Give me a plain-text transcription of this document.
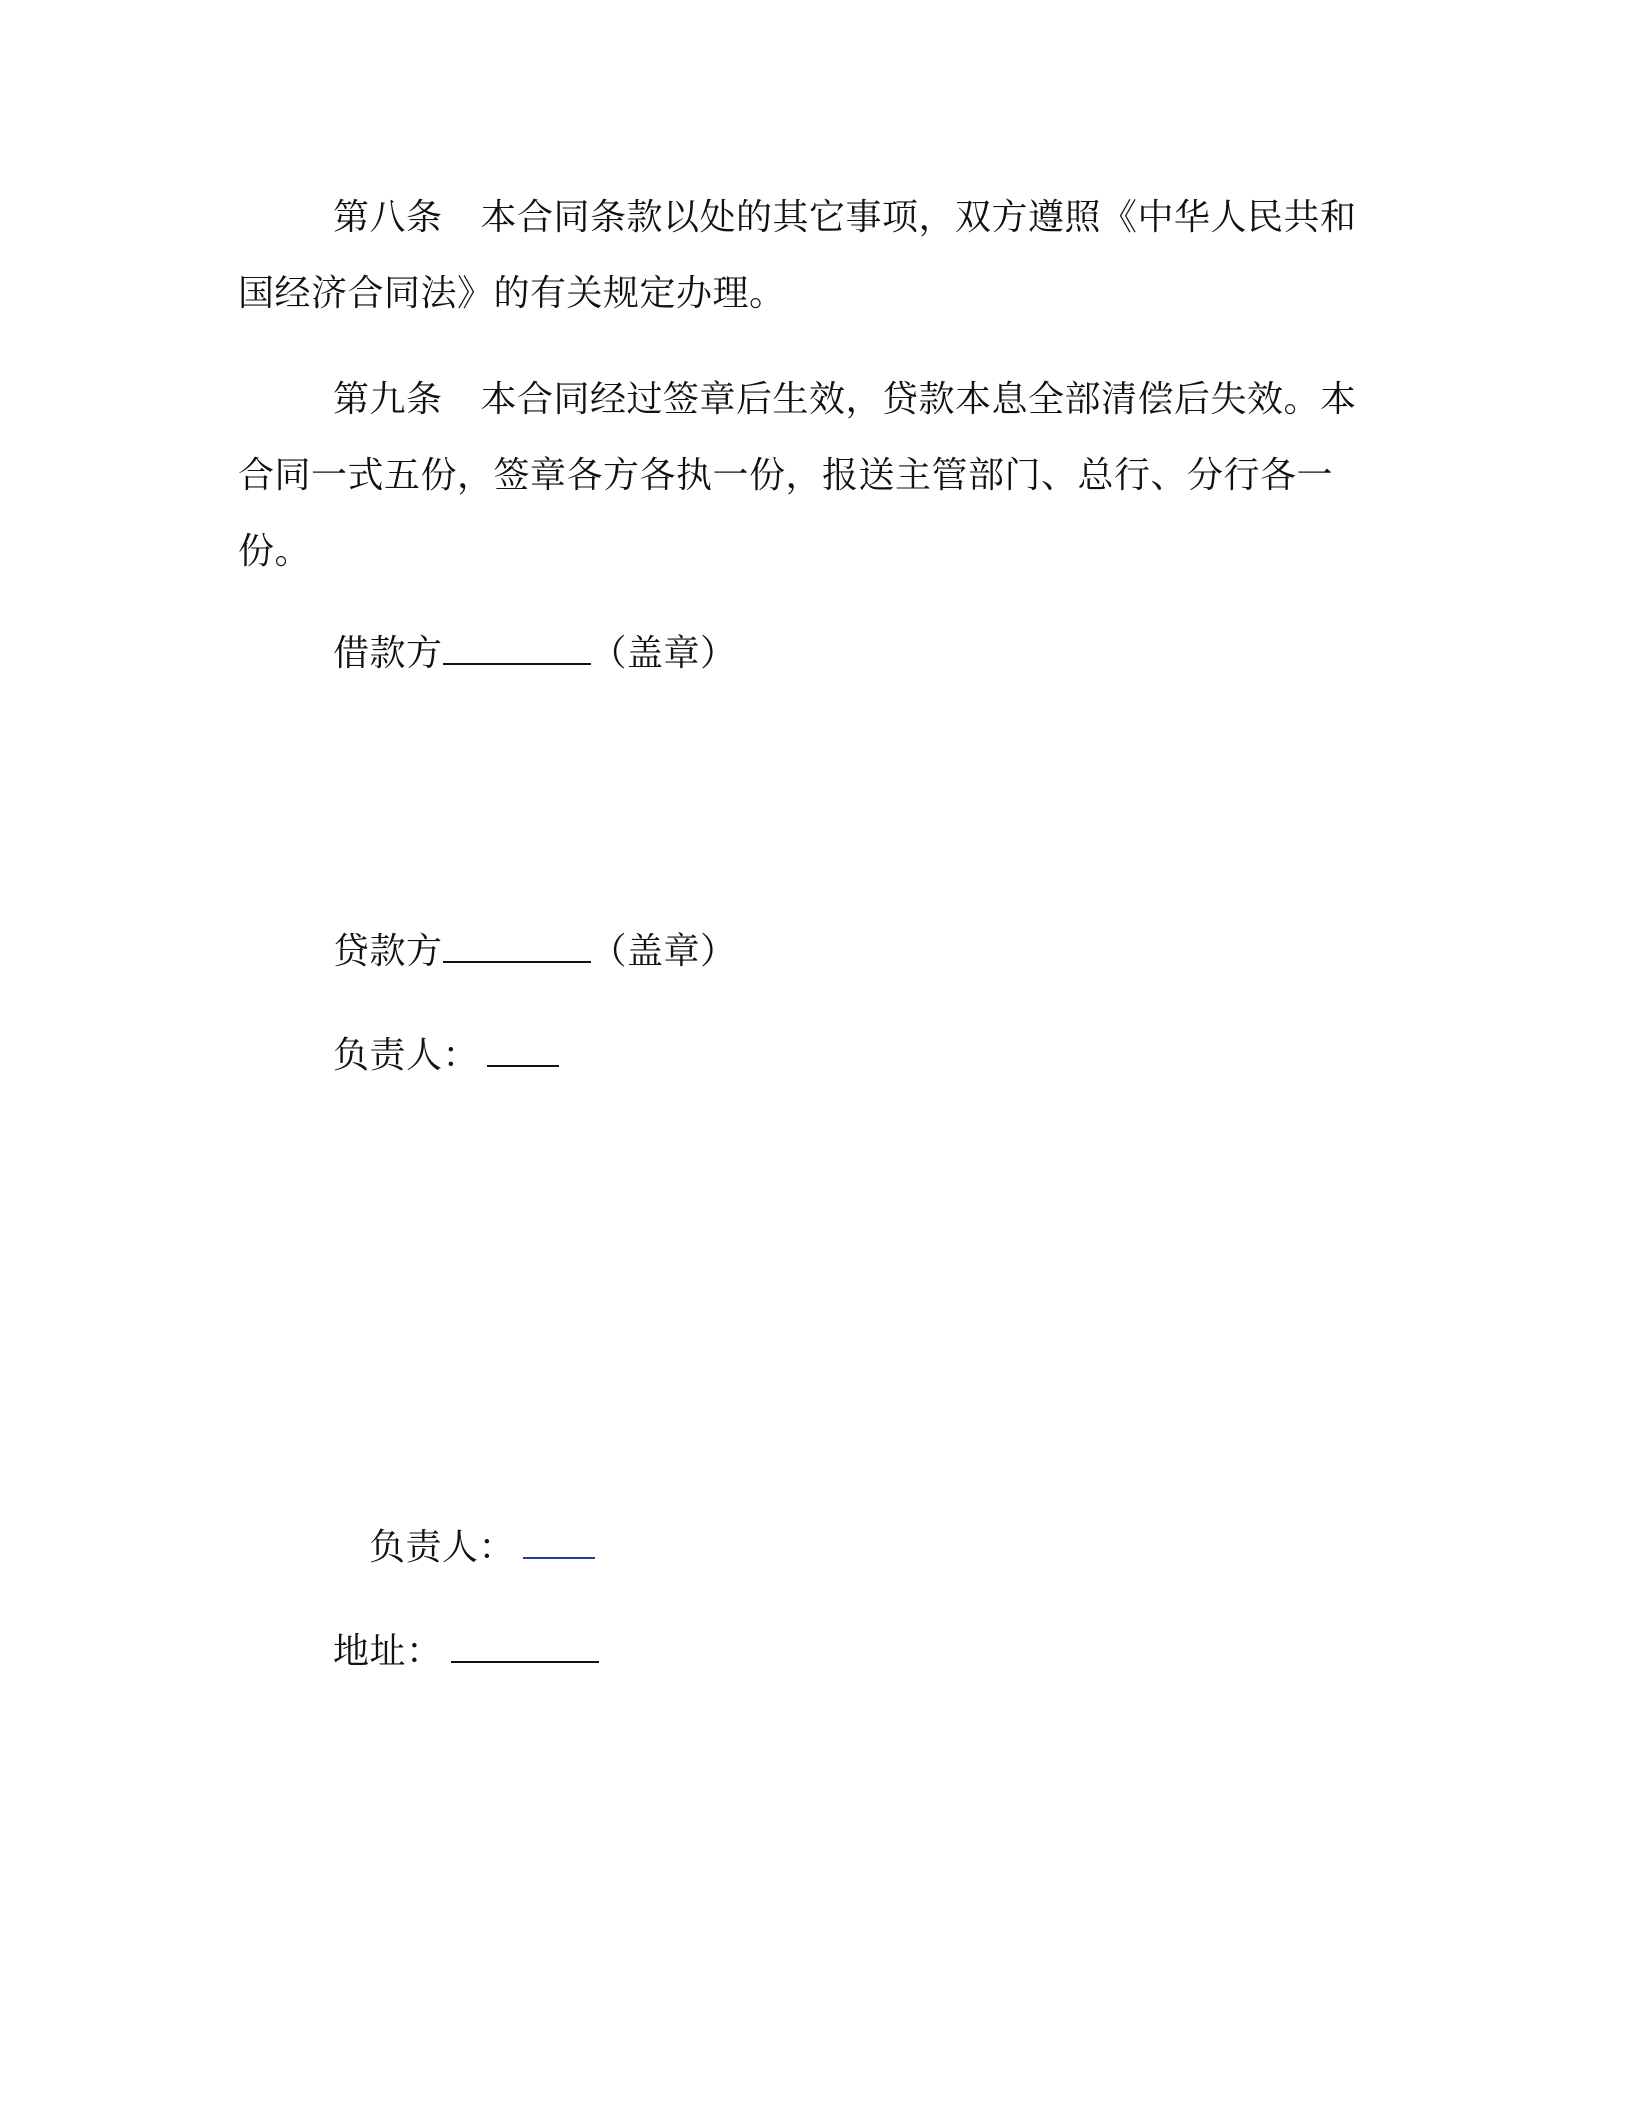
第八条 本合同条款以处的其它事项，双方遵照《中华人民共和
国经济合同法》的有关规定办理。
第九条 本合同经过签章后生效，贷款本息全部清偿后失效。本
合同一式五份，签章各方各执一份，报送主管部门、总行、分行各一
份。
借款方	（盖章）
贷款方	（盖章）
负责人：
负责人：
地址：
